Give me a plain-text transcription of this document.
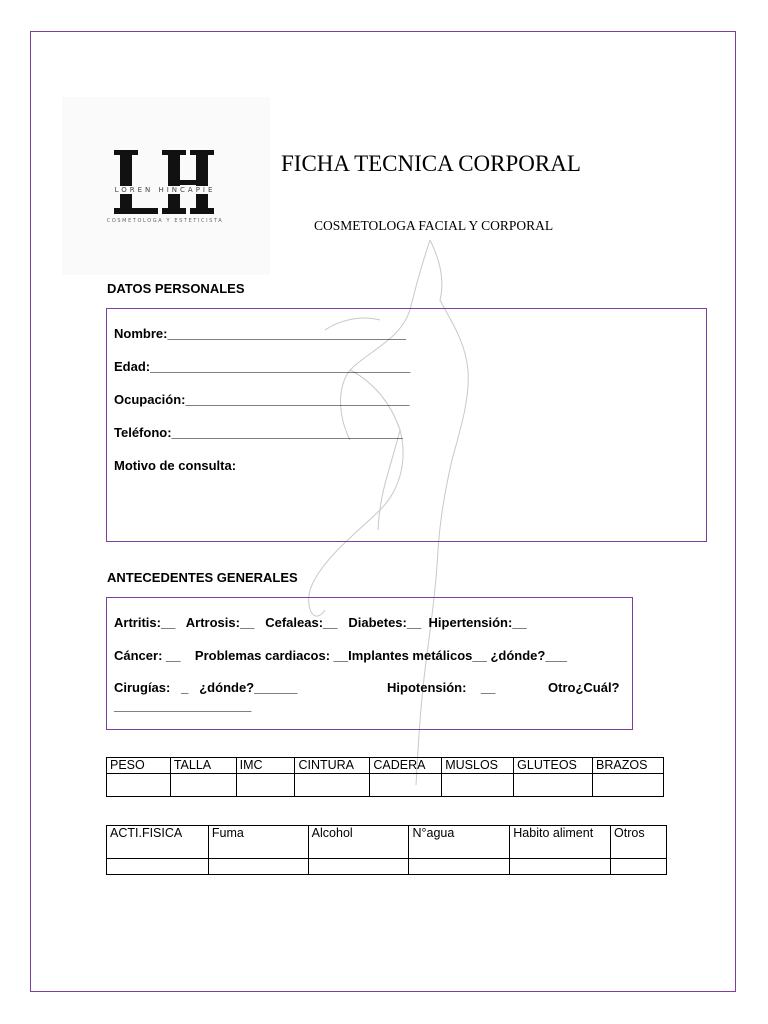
LOREN HINCAPIE
COSMETOLOGA Y ESTETICISTA
FICHA TECNICA CORPORAL
COSMETOLOGA FACIAL Y CORPORAL
DATOS PERSONALES
Nombre:_________________________________
Edad:____________________________________
Ocupación:_______________________________
Teléfono:________________________________
Motivo de consulta:
ANTECEDENTES GENERALES
Artritis:__   Artrosis:__   Cefaleas:__   Diabetes:__  Hipertensión:__
Cáncer: __    Problemas cardiacos: __Implantes metálicos__ ¿dónde?___
Cirugías:   _   ¿dónde?______	Hipotensión:    __	Otro¿Cuál?
___________________
PESO	TALLA	IMC	CINTURA	CADERA	MUSLOS	GLUTEOS	BRAZOS

ACTI.FISICA	Fuma	Alcohol	N°agua	Habito aliment	Otros
